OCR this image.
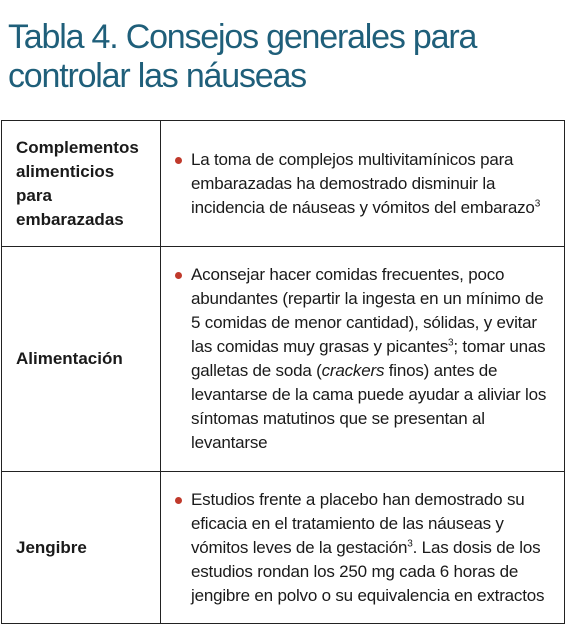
Tabla 4. Consejos generales para controlar las náuseas
Complementos alimenticios para embarazadas	La toma de complejos multivitamínicos para embarazadas ha demostrado disminuir la incidencia de náuseas y vómitos del embarazo$^3$

Alimentación	Aconsejar hacer comidas frecuentes, poco abundantes (repartir la ingesta en un mínimo de 5 comidas de menor cantidad), sólidas, y evitar las comidas muy grasas y picantes$^3$; tomar unas galletas de soda (crackers finos) antes de levantarse de la cama puede ayudar a aliviar los síntomas matutinos que se presentan al levantarse

Jengibre	Estudios frente a placebo han demostrado su eficacia en el tratamiento de las náuseas y vómitos leves de la gestación$^3$. Las dosis de los estudios rondan los 250 mg cada 6 horas de jengibre en polvo o su equivalencia en extractos
